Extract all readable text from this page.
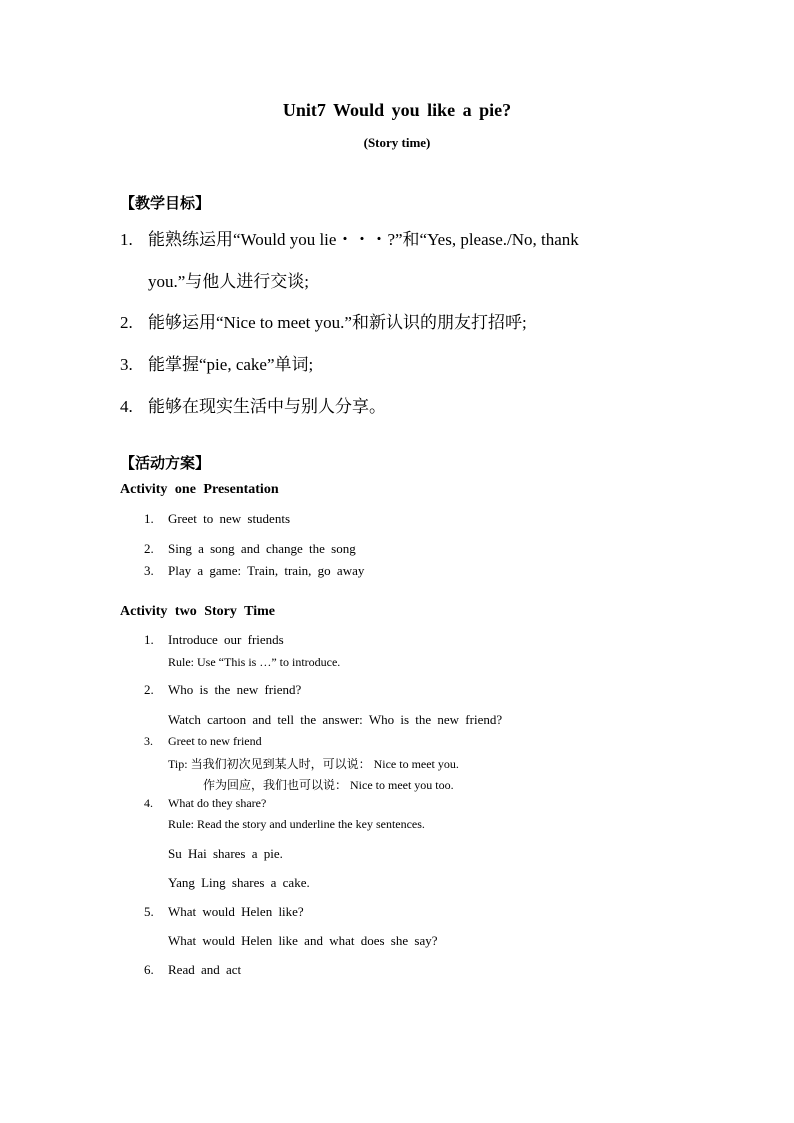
Unit7 Would you like a pie?
(Story time)
【教学目标】
1. 能熟练运用“Would you lie・・・?”和“Yes, please./No, thank
you.”与他人进行交谈;
2. 能够运用“Nice to meet you.”和新认识的朋友打招呼;
3. 能掌握“pie, cake”单词;
4. 能够在现实生活中与别人分享。
【活动方案】
Activity one Presentation
1. Greet to new students
2. Sing a song and change the song
3. Play a game: Train, train, go away
Activity two Story Time
1. Introduce our friends
Rule: Use “This is …” to introduce.
2. Who is the new friend?
Watch cartoon and tell the answer: Who is the new friend?
3. Greet to new friend
Tip: 当我们初次见到某人时，可以说： Nice to meet you.
作为回应，我们也可以说： Nice to meet you too.
4. What do they share?
Rule: Read the story and underline the key sentences.
Su Hai shares a pie.
Yang Ling shares a cake.
5. What would Helen like?
What would Helen like and what does she say?
6. Read and act
